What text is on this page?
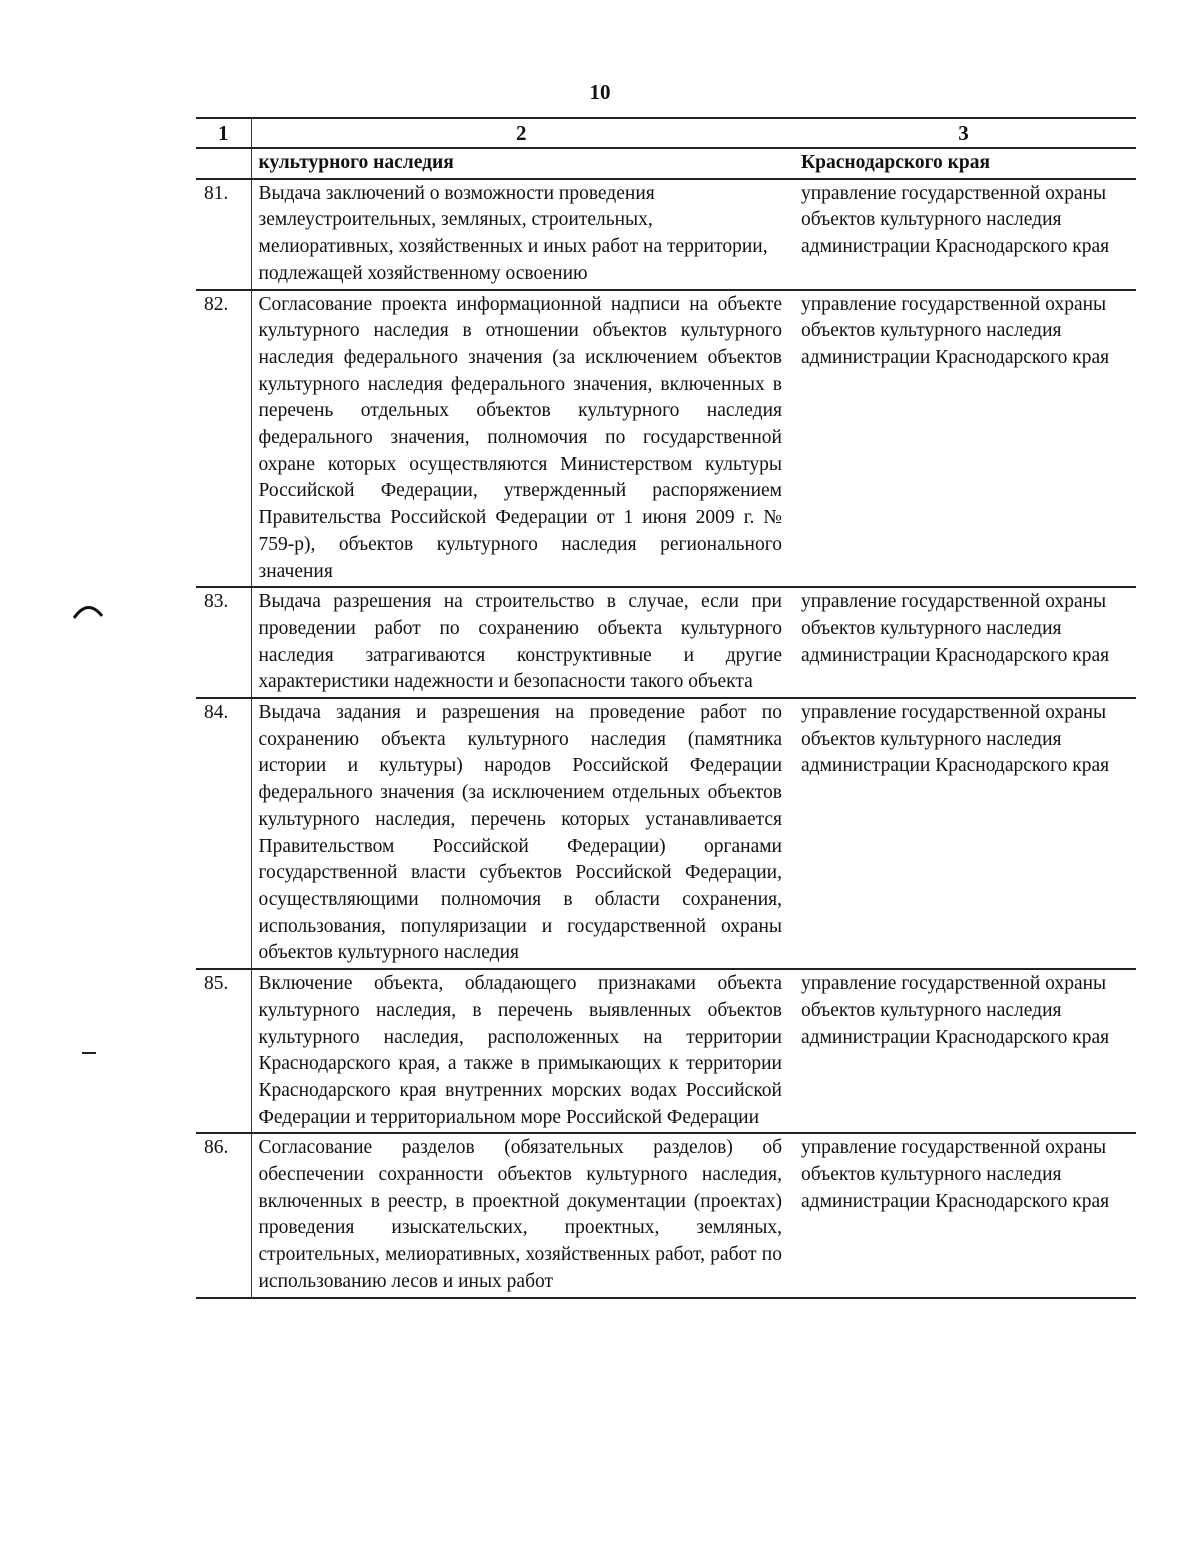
10
1	2	3
	культурного наследия	Краснодарского края
81.	Выдача заключений о возможности проведения землеустроительных, земляных, строительных, мелиоративных, хозяйственных и иных работ на территории, подлежащей хозяйственному освоению	управление государственной охраны объектов культурного наследия администрации Краснодарского края
82.	Согласование проекта информационной надписи на объекте культурного наследия в отношении объектов культурного наследия федерального значения (за исключением объектов культурного наследия федерального значения, включенных в перечень отдельных объектов культурного наследия федерального значения, полномочия по государственной охране которых осуществляются Министерством культуры Российской Федерации, утвержденный распоряжением Правительства Российской Федерации от 1 июня 2009 г. № 759-р), объектов культурного наследия регионального значения	управление государственной охраны объектов культурного наследия администрации Краснодарского края
83.	Выдача разрешения на строительство в случае, если при проведении работ по сохранению объекта культурного наследия затрагиваются конструктивные и другие характеристики надежности и безопасности такого объекта	управление государственной охраны объектов культурного наследия администрации Краснодарского края
84.	Выдача задания и разрешения на проведение работ по сохранению объекта культурного наследия (памятника истории и культуры) народов Российской Федерации федерального значения (за исключением отдельных объектов культурного наследия, перечень которых устанавливается Правительством Российской Федерации) органами государственной власти субъектов Российской Федерации, осуществляющими полномочия в области сохранения, использования, популяризации и государственной охраны объектов культурного наследия	управление государственной охраны объектов культурного наследия администрации Краснодарского края
85.	Включение объекта, обладающего признаками объекта культурного наследия, в перечень выявленных объектов культурного наследия, расположенных на территории Краснодарского края, а также в примыкающих к территории Краснодарского края внутренних морских водах Российской Федерации и территориальном море Российской Федерации	управление государственной охраны объектов культурного наследия администрации Краснодарского края
86.	Согласование разделов (обязательных разделов) об обеспечении сохранности объектов культурного наследия, включенных в реестр, в проектной документации (проектах) проведения изыскательских, проектных, земляных, строительных, мелиоративных, хозяйственных работ, работ по использованию лесов и иных работ	управление государственной охраны объектов культурного наследия администрации Краснодарского края
